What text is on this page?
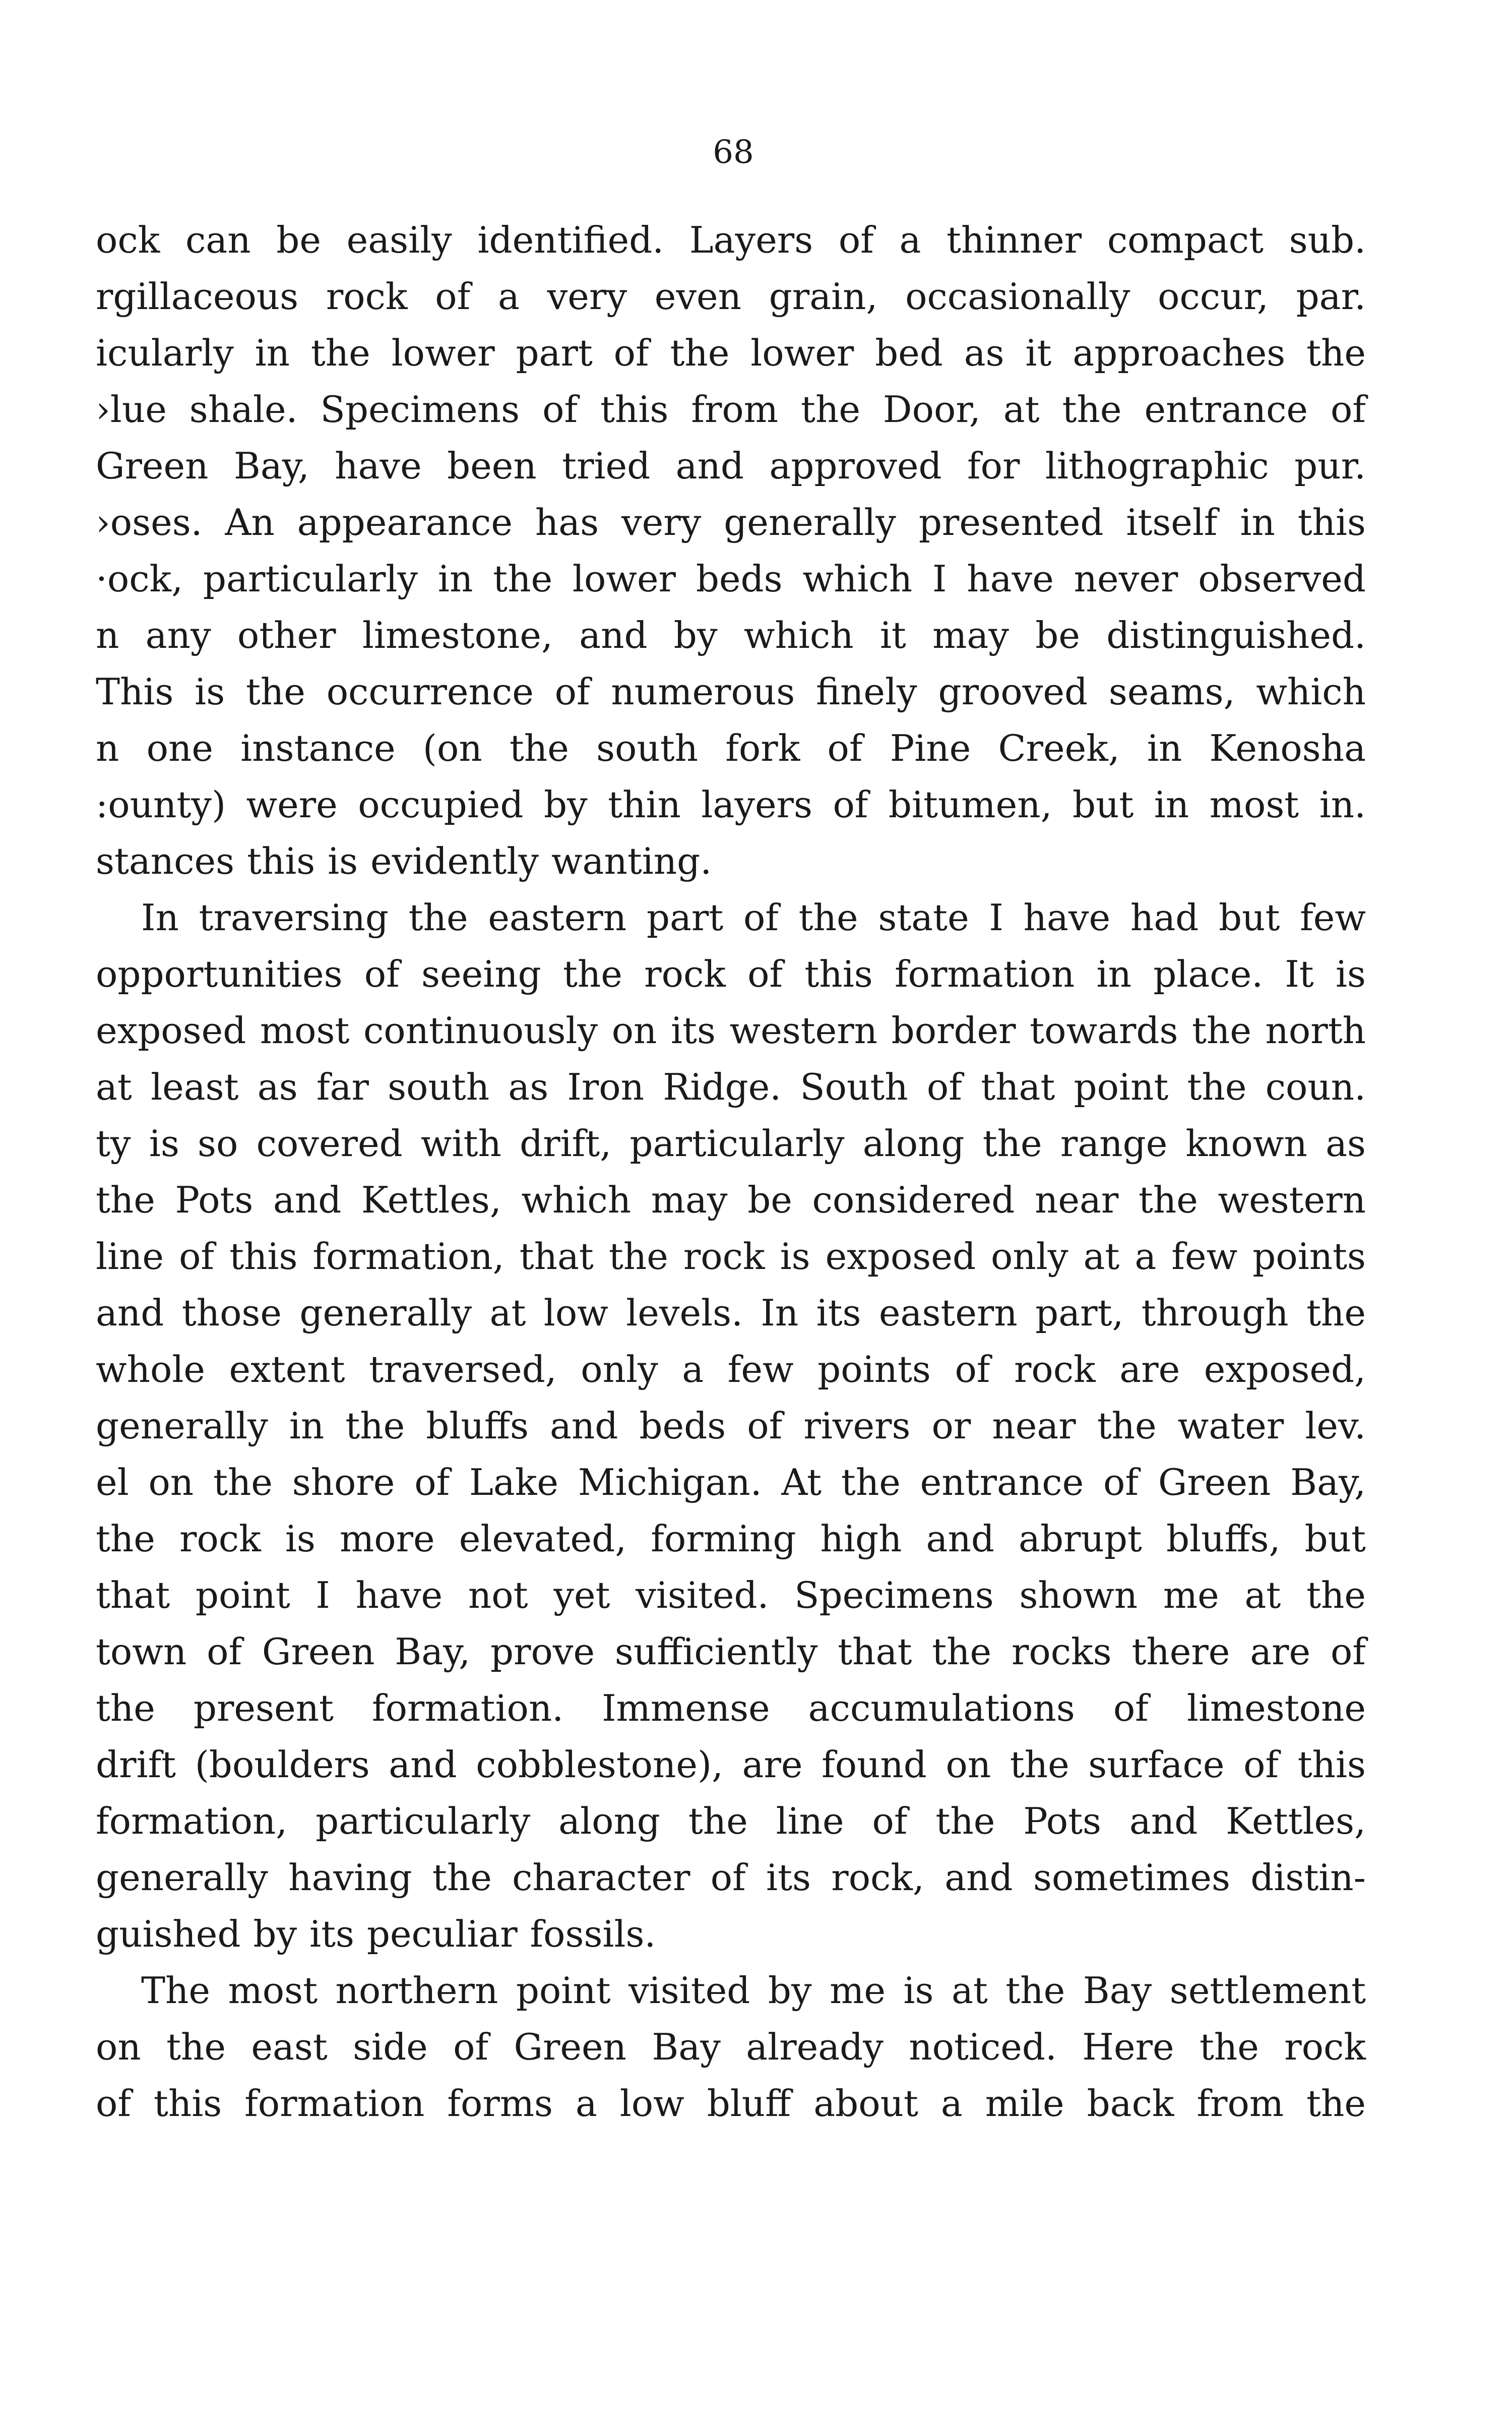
68
ock can be easily identified. Layers of a thinner compact sub.
rgillaceous rock of a very even grain, occasionally occur, par.
icularly in the lower part of the lower bed as it approaches the
›lue shale. Specimens of this from the Door, at the entrance of
Green Bay, have been tried and approved for lithographic pur.
›oses. An appearance has very generally presented itself in this
·ock, particularly in the lower beds which I have never observed
n any other limestone, and by which it may be distinguished.
This is the occurrence of numerous finely grooved seams, which
n one instance (on the south fork of Pine Creek, in Kenosha
:ounty) were occupied by thin layers of bitumen, but in most in.
stances this is evidently wanting.
In traversing the eastern part of the state I have had but few
opportunities of seeing the rock of this formation in place. It is
exposed most continuously on its western border towards the north
at least as far south as Iron Ridge. South of that point the coun.
ty is so covered with drift, particularly along the range known as
the Pots and Kettles, which may be considered near the western
line of this formation, that the rock is exposed only at a few points
and those generally at low levels. In its eastern part, through the
whole extent traversed, only a few points of rock are exposed,
generally in the bluffs and beds of rivers or near the water lev.
el on the shore of Lake Michigan. At the entrance of Green Bay,
the rock is more elevated, forming high and abrupt bluffs, but
that point I have not yet visited. Specimens shown me at the
town of Green Bay, prove sufficiently that the rocks there are of
the present formation. Immense accumulations of limestone
drift (boulders and cobblestone), are found on the surface of this
formation, particularly along the line of the Pots and Kettles,
generally having the character of its rock, and sometimes distin-
guished by its peculiar fossils.
The most northern point visited by me is at the Bay settlement
on the east side of Green Bay already noticed. Here the rock
of this formation forms a low bluff about a mile back from the
